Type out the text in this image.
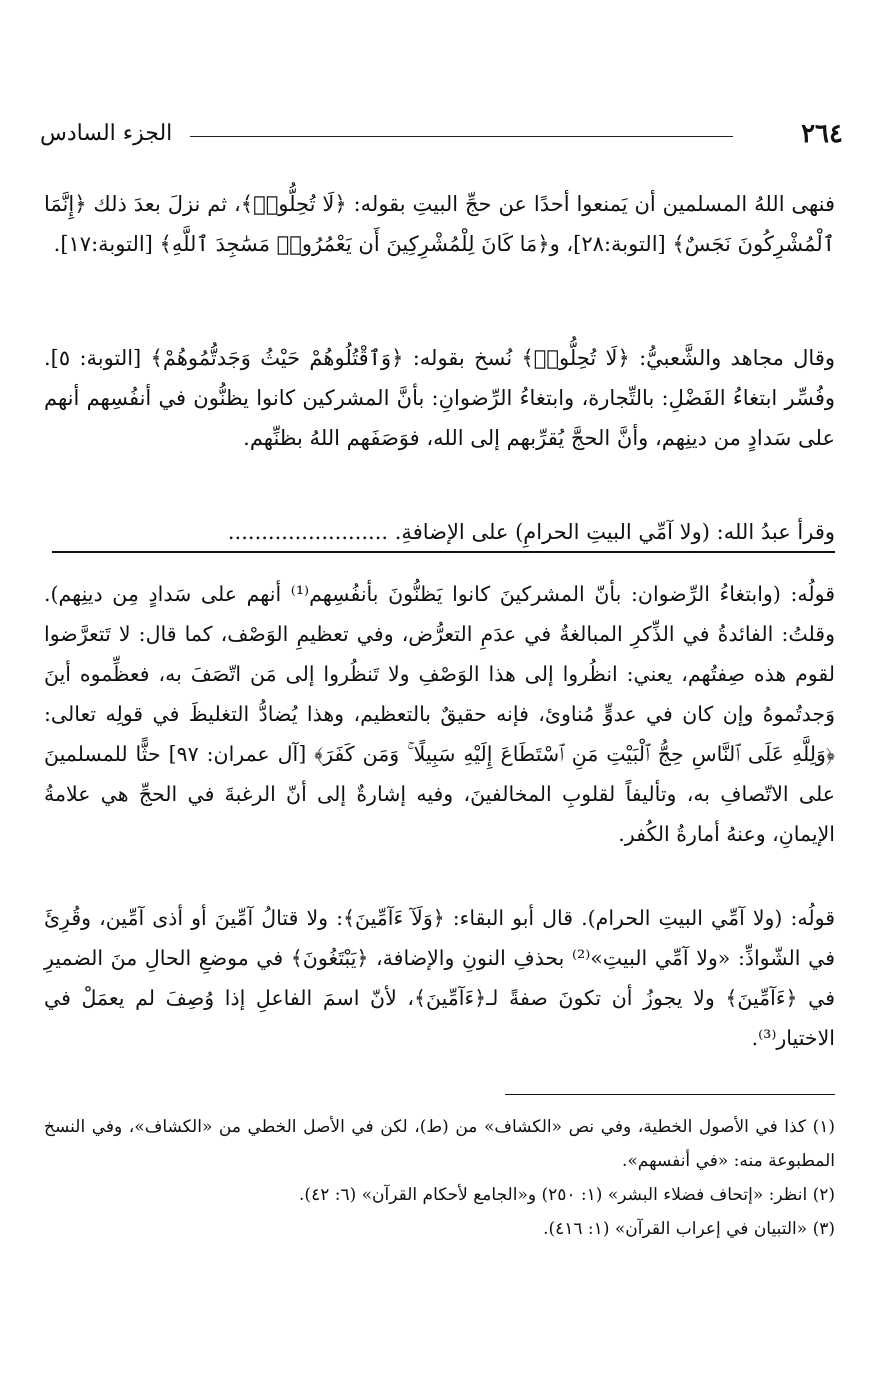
٢٦٤
الجزء السادس

فنهى اللهُ المسلمين أن يَمنعوا أحدًا عن حجِّ البيتِ بقوله: ﴿لَا تُحِلُّوا۟﴾، ثم نزلَ بعدَ ذلك ﴿إِنَّمَا ٱلْمُشْرِكُونَ نَجَسٌ﴾ [التوبة:٢٨]، و﴿مَا كَانَ لِلْمُشْرِكِينَ أَن يَعْمُرُوا۟ مَسَٰجِدَ ٱللَّهِ﴾ [التوبة:١٧].

وقال مجاهد والشَّعبيُّ: ﴿لَا تُحِلُّوا۟﴾ نُسخ بقوله: ﴿وَٱقْتُلُوهُمْ حَيْثُ وَجَدتُّمُوهُمْ﴾ [التوبة: ٥]. وفُسِّر ابتغاءُ الفَضْلِ: بالتِّجارة، وابتغاءُ الرِّضوانِ: بأنَّ المشركين كانوا يظنُّون في أنفُسِهم أنهم على سَدادٍ من دينِهم، وأنَّ الحجَّ يُقرِّبهم إلى الله، فوَصَفَهم اللهُ بظنِّهم.

وقرأ عبدُ الله: (ولا آمِّي البيتِ الحرامِ) على الإضافةِ. ........................

قولُه: (وابتغاءُ الرِّضوان: بأنّ المشركينَ كانوا يَظنُّونَ بأنفُسِهم⁽¹⁾ أنهم على سَدادٍ مِن دينِهم). وقلتُ: الفائدةُ في الذِّكرِ المبالغةُ في عدَمِ التعرُّض، وفي تعظيمِ الوَصْف، كما قال: لا تَتعرَّضوا لقوم هذه صِفتُهم، يعني: انظُروا إلى هذا الوَصْفِ ولا تَنظُروا إلى مَن اتّصَفَ به، فعظِّموه أينَ وَجدتُموهُ وإن كان في عدوٍّ مُناوئ، فإنه حقيقٌ بالتعظيم، وهذا يُضادُّ التغليظَ في قولِه تعالى: ﴿وَلِلَّهِ عَلَى ٱلنَّاسِ حِجُّ ٱلْبَيْتِ مَنِ ٱسْتَطَاعَ إِلَيْهِ سَبِيلًا ۚ وَمَن كَفَرَ﴾ [آل عمران: ٩٧] حثًّا للمسلمينَ على الاتّصافِ به، وتأليفاً لقلوبِ المخالفينَ، وفيه إشارةٌ إلى أنّ الرغبةَ في الحجِّ هي علامةُ الإيمانِ، وعنهُ أمارةُ الكُفر.

قولُه: (ولا آمِّي البيتِ الحرام). قال أبو البقاء: ﴿وَلَآ ءَآمِّينَ﴾: ولا قتالُ آمِّينَ أو أذى آمِّين، وقُرِئَ في الشّواذِّ: «ولا آمِّي البيتِ»⁽²⁾ بحذفِ النونِ والإضافة، ﴿يَبْتَغُونَ﴾ في موضعِ الحالِ منَ الضميرِ في ﴿ءَآمِّينَ﴾ ولا يجوزُ أن تكونَ صفةً لـ﴿ءَآمِّينَ﴾، لأنّ اسمَ الفاعلِ إذا وُصِفَ لم يعمَلْ في الاختيار⁽³⁾.

(١) كذا في الأصول الخطية، وفي نص «الكشاف» من (ط)، لكن في الأصل الخطي من «الكشاف»، وفي النسخ المطبوعة منه: «في أنفسهم».

(٢) انظر: «إتحاف فضلاء البشر» (١: ٢٥٠) و«الجامع لأحكام القرآن» (٦: ٤٢).

(٣) «التبيان في إعراب القرآن» (١: ٤١٦).
